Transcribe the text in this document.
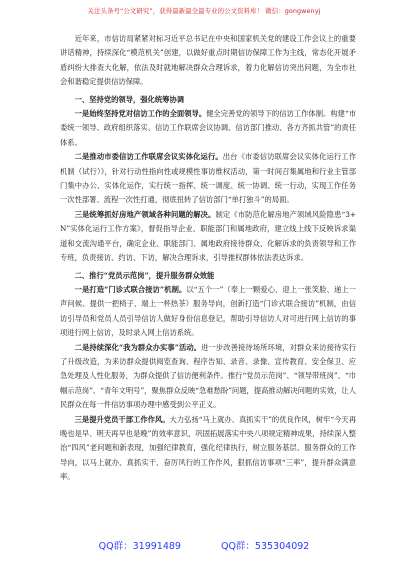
关注头条号“公文研究”，获得最新最全最专业的公文资料库！ 微信：gongwenyj

近年来，市信访局紧紧对标习近平总书记在中央和国家机关党的建设工作会议上的重要讲话精神，持续深化“模范机关”创建，以做好重点时期信访保障工作为主线，常态化开展矛盾纠纷大排查大化解，依法及时就地解决群众合理诉求，着力化解信访突出问题，为全市社会和谐稳定提供信访保障。

一、坚持党的领导，强化统筹协调

一是始终坚持党对信访工作的全面领导。健全完善党的领导下的信访工作体制。构建“市委统一领导、政府组织落实、信访工作联席会议协调、信访部门推动、各方齐抓共管”的责任体系。

二是推动市委信访工作联席会议实体化运行。出台《市委信访联席会议实体化运行工作机制（试行）》，针对行动性指向性或规模性事访维权活动，第一时间召集属地和行业主管部门集中办公、实体化运作，实行统一指挥、统一调度、统一协调、统一行动，实现工作任务一次性部署、流程一次性打通，彻底扭转了信访部门“单打独斗”的局面。

三是统筹抓好房地产领域各种问题的解决。制定《市防范化解房地产领域风险隐患“3+N”实体化运行工作方案》，督促指导企业、职能部门和属地政府，建立线上线下反映诉求渠道和交流沟通平台，确定企业、职能部门、属地政府接待群众、化解诉求的负责领导和工作专班，负责接访、约访、下访，解决合理诉求，引导推权群体依法表达诉求。

二、推行“党员示范岗”，提升服务群众效能

一是打造“门诊式联合接访”机制。以“五个一”（奉上一颗爱心、迎上一张笑脸、递上一声问候、提供一把椅子、端上一杯热茶）服务导向，创新打造“门诊式联合接访”机制，由信访引导员和党员人员引导信访人做好身份信息登记，帮助引导信访人对可进行网上信访的事项进行网上信访，及时录入网上信访系统。

二是持续深化“我为群众办实事”活动。进一步改善接待场所环境，对群众来访接待实行了升级改造，为来访群众提供阅览查询、程序告知、录音、录像、宣传教育、安全保卫、应急处理及人性化服务，为群众提供了信访便利条件。推行“党员示范岗”、“领导带班岗”、“巾帼示范岗”、“青年文明号”，聚焦群众反映“急难愁盼”问题，提高推动解决问题的实效，让人民群众在每一件信访事项办理中感受到公平正义。

三是提升党员干部工作作风。大力弘扬“马上就办、真抓实干”的优良作风，树牢“今天再晚也是早、明天再早也是晚”的效率意识，巩固拓展落实中央八项规定精神成果，持续深入整治“四风”老问题和新表现，加强纪律教育，强化纪律执行，树立服务基层、服务群众的工作导向，以马上就办、真抓实干、奋厉风行的工作作风，狠抓信访事项“三率”，提升群众满意率。

QQ群：31991489	QQ群：535304092
